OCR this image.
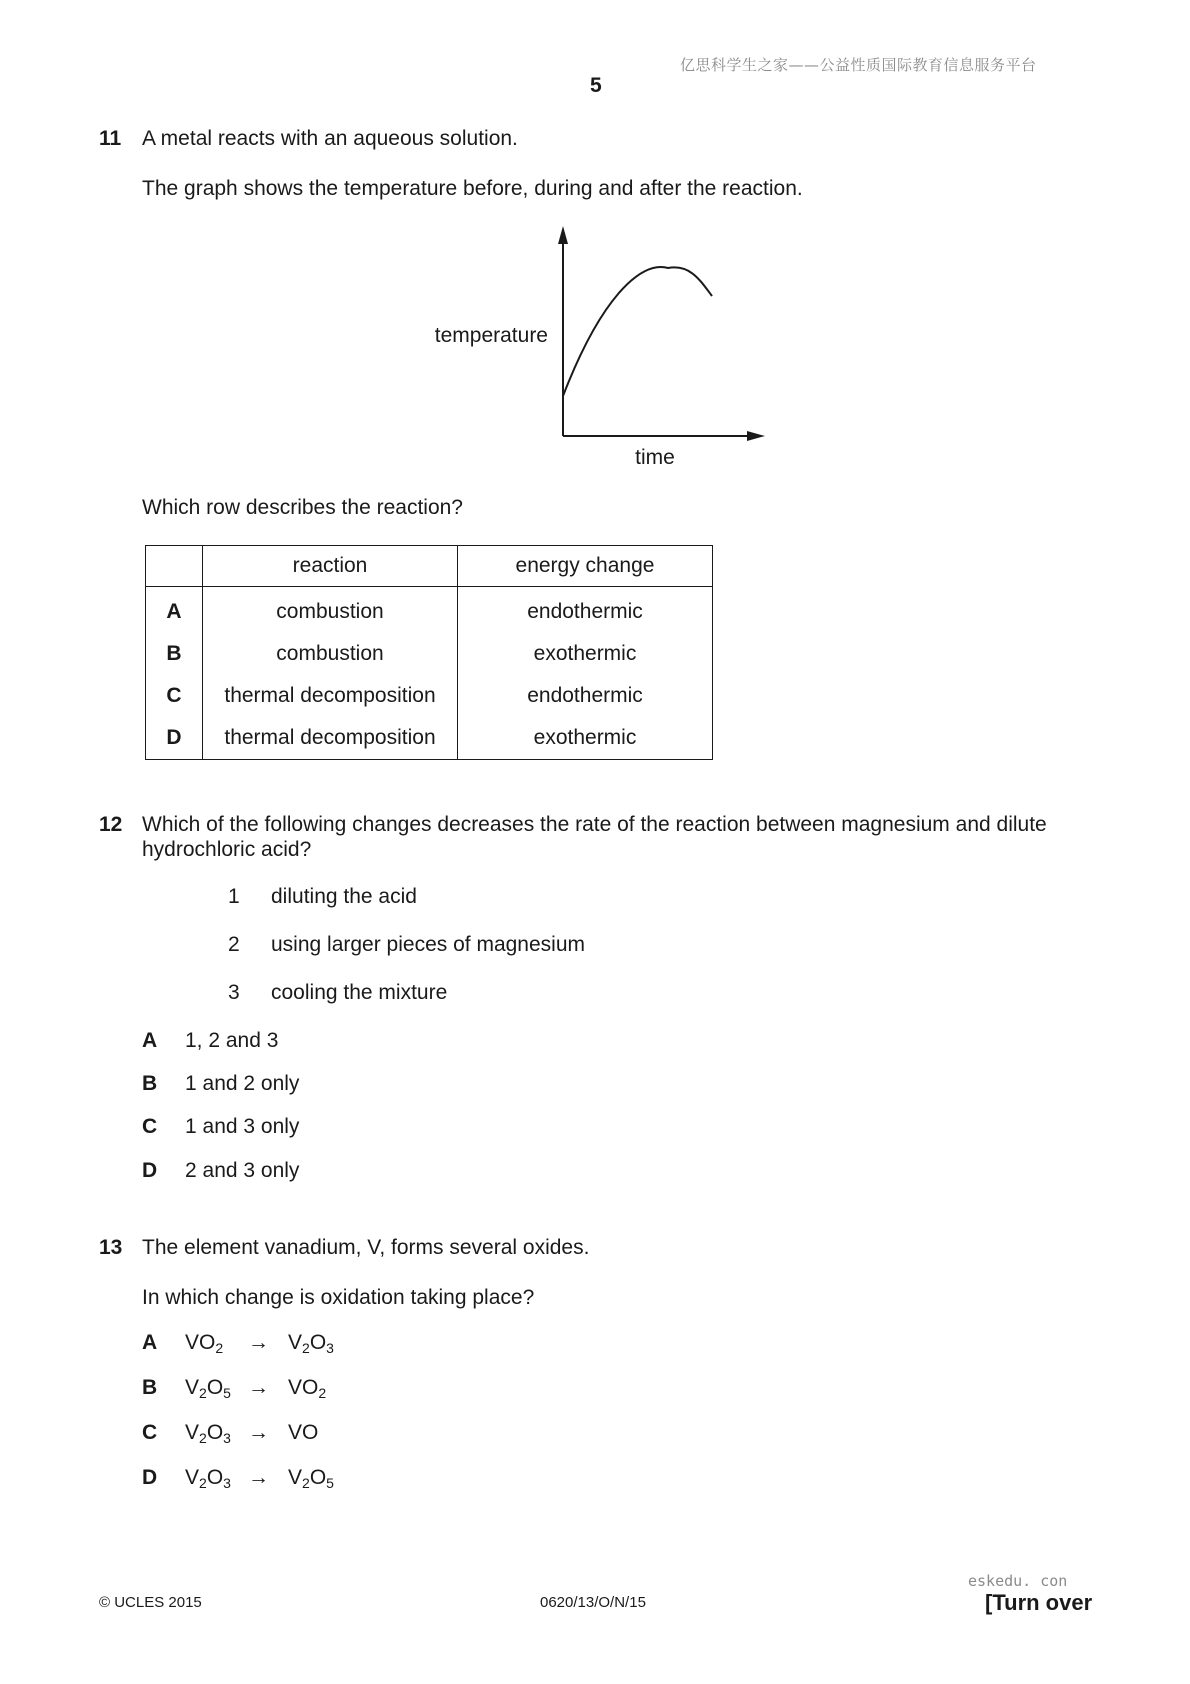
亿思科学生之家——公益性质国际教育信息服务平台
5
11 A metal reacts with an aqueous solution.
The graph shows the temperature before, during and after the reaction.
temperature
time
Which row describes the reaction?
	reaction	energy change
A	combustion	endothermic
B	combustion	exothermic
C	thermal decomposition	endothermic
D	thermal decomposition	exothermic
12 Which of the following changes decreases the rate of the reaction between magnesium and dilute
hydrochloric acid?
1 diluting the acid
2 using larger pieces of magnesium
3 cooling the mixture
A 1, 2 and 3
B 1 and 2 only
C 1 and 3 only
D 2 and 3 only
13 The element vanadium, V, forms several oxides.
In which change is oxidation taking place?
A $VO_2 \to V_2O_3$
B $V_2O_5 \to VO_2$
C $V_2O_3$ → VO
D $V_2O_3 \to V_2O_5$
© UCLES 2015	0620/13/O/N/15
eskedu. con
[Turn over
